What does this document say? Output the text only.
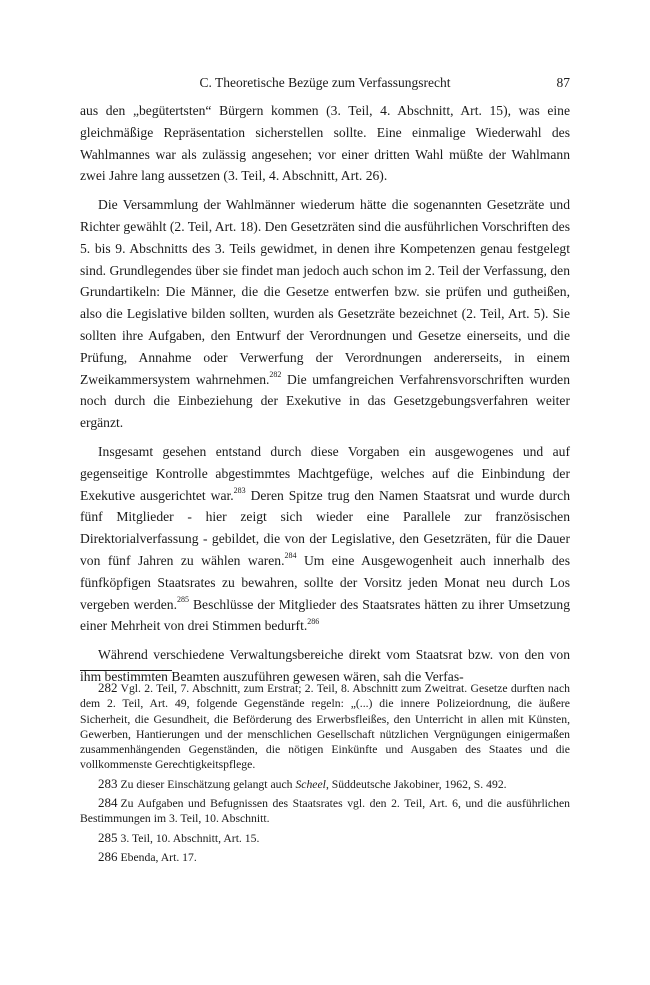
C. Theoretische Bezüge zum Verfassungsrecht	87

aus den „begütertsten“ Bürgern kommen (3. Teil, 4. Abschnitt, Art. 15), was eine gleichmäßige Repräsentation sicherstellen sollte. Eine einmalige Wiederwahl des Wahlmannes war als zulässig angesehen; vor einer dritten Wahl müßte der Wahlmann zwei Jahre lang aussetzen (3. Teil, 4. Abschnitt, Art. 26).

Die Versammlung der Wahlmänner wiederum hätte die sogenannten Gesetzräte und Richter gewählt (2. Teil, Art. 18). Den Gesetzräten sind die ausführlichen Vorschriften des 5. bis 9. Abschnitts des 3. Teils gewidmet, in denen ihre Kompetenzen genau festgelegt sind. Grundlegendes über sie findet man jedoch auch schon im 2. Teil der Verfassung, den Grundartikeln: Die Männer, die die Gesetze entwerfen bzw. sie prüfen und gutheißen, also die Legislative bilden sollten, wurden als Gesetzräte bezeichnet (2. Teil, Art. 5). Sie sollten ihre Aufgaben, den Entwurf der Verordnungen und Gesetze einerseits, und die Prüfung, Annahme oder Verwerfung der Verordnungen andererseits, in einem Zweikammersystem wahrnehmen.$^{282}$ Die umfangreichen Verfahrensvorschriften wurden noch durch die Einbeziehung der Exekutive in das Gesetzgebungsverfahren weiter ergänzt.

Insgesamt gesehen entstand durch diese Vorgaben ein ausgewogenes und auf gegenseitige Kontrolle abgestimmtes Machtgefüge, welches auf die Einbindung der Exekutive ausgerichtet war.$^{283}$ Deren Spitze trug den Namen Staatsrat und wurde durch fünf Mitglieder - hier zeigt sich wieder eine Parallele zur französischen Direktorialverfassung - gebildet, die von der Legislative, den Gesetzräten, für die Dauer von fünf Jahren zu wählen waren.$^{284}$ Um eine Ausgewogenheit auch innerhalb des fünfköpfigen Staatsrates zu bewahren, sollte der Vorsitz jeden Monat neu durch Los vergeben werden.$^{285}$ Beschlüsse der Mitglieder des Staatsrates hätten zu ihrer Umsetzung einer Mehrheit von drei Stimmen bedurft.$^{286}$

Während verschiedene Verwaltungsbereiche direkt vom Staatsrat bzw. von den von ihm bestimmten Beamten auszuführen gewesen wären, sah die Verfas-

282 Vgl. 2. Teil, 7. Abschnitt, zum Erstrat; 2. Teil, 8. Abschnitt zum Zweitrat. Gesetze durften nach dem 2. Teil, Art. 49, folgende Gegenstände regeln: „(...) die innere Polizeiordnung, die äußere Sicherheit, die Gesundheit, die Beförderung des Erwerbsfleißes, den Unterricht in allen mit Künsten, Gewerben, Hantierungen und der menschlichen Gesellschaft nützlichen Vergnügungen einigermaßen zusammenhängenden Gegenständen, die nötigen Einkünfte und Ausgaben des Staates und die vollkommenste Gerechtigkeitspflege.

283 Zu dieser Einschätzung gelangt auch Scheel, Süddeutsche Jakobiner, 1962, S. 492.

284 Zu Aufgaben und Befugnissen des Staatsrates vgl. den 2. Teil, Art. 6, und die ausführlichen Bestimmungen im 3. Teil, 10. Abschnitt.

285 3. Teil, 10. Abschnitt, Art. 15.

286 Ebenda, Art. 17.
